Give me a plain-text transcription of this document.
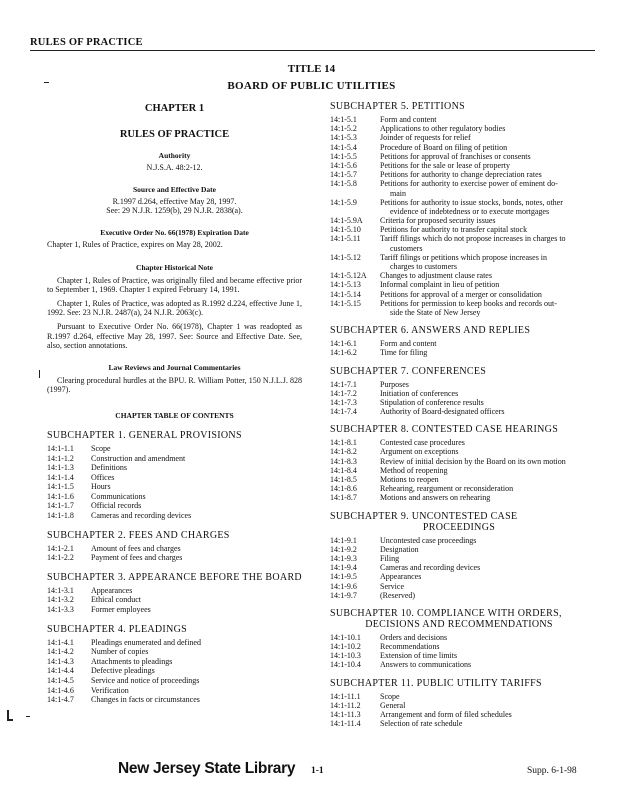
RULES OF PRACTICE
TITLE 14
BOARD OF PUBLIC UTILITIES
CHAPTER 1
RULES OF PRACTICE
Authority
N.J.S.A. 48:2-12.
Source and Effective Date
R.1997 d.264, effective May 28, 1997.
See: 29 N.J.R. 1259(b), 29 N.J.R. 2838(a).
Executive Order No. 66(1978) Expiration Date
Chapter 1, Rules of Practice, expires on May 28, 2002.
Chapter Historical Note

Chapter 1, Rules of Practice, was originally filed and became effective prior to September 1, 1969. Chapter 1 expired February 14, 1991.

Chapter 1, Rules of Practice, was adopted as R.1992 d.224, effective June 1, 1992. See: 23 N.J.R. 2487(a), 24 N.J.R. 2063(c).

Pursuant to Executive Order No. 66(1978), Chapter 1 was readopted as R.1997 d.264, effective May 28, 1997. See: Source and Effective Date. See, also, section annotations.

Law Reviews and Journal Commentaries

Clearing procedural hurdles at the BPU. R. William Potter, 150 N.J.L.J. 828 (1997).

CHAPTER TABLE OF CONTENTS
SUBCHAPTER 1. GENERAL PROVISIONS
14:1-1.1	Scope
14:1-1.2	Construction and amendment
14:1-1.3	Definitions
14:1-1.4	Offices
14:1-1.5	Hours
14:1-1.6	Communications
14:1-1.7	Official records
14:1-1.8	Cameras and recording devices
SUBCHAPTER 2. FEES AND CHARGES
14:1-2.1	Amount of fees and charges
14:1-2.2	Payment of fees and charges
SUBCHAPTER 3. APPEARANCE BEFORE THE BOARD
14:1-3.1	Appearances
14:1-3.2	Ethical conduct
14:1-3.3	Former employees
SUBCHAPTER 4. PLEADINGS
14:1-4.1	Pleadings enumerated and defined
14:1-4.2	Number of copies
14:1-4.3	Attachments to pleadings
14:1-4.4	Defective pleadings
14:1-4.5	Service and notice of proceedings
14:1-4.6	Verification
14:1-4.7	Changes in facts or circumstances
SUBCHAPTER 5. PETITIONS
14:1-5.1	Form and content
14:1-5.2	Applications to other regulatory bodies
14:1-5.3	Joinder of requests for relief
14:1-5.4	Procedure of Board on filing of petition
14:1-5.5	Petitions for approval of franchises or consents
14:1-5.6	Petitions for the sale or lease of property
14:1-5.7	Petitions for authority to change depreciation rates
14:1-5.8	Petitions for authority to exercise power of eminent do-
main
14:1-5.9	Petitions for authority to issue stocks, bonds, notes, other
evidence of indebtedness or to execute mortgages
14:1-5.9A	Criteria for proposed security issues
14:1-5.10	Petitions for authority to transfer capital stock
14:1-5.11	Tariff filings which do not propose increases in charges to
customers
14:1-5.12	Tariff filings or petitions which propose increases in
charges to customers
14:1-5.12A	Changes to adjustment clause rates
14:1-5.13	Informal complaint in lieu of petition
14:1-5.14	Petitions for approval of a merger or consolidation
14:1-5.15	Petitions for permission to keep books and records out-
side the State of New Jersey
SUBCHAPTER 6. ANSWERS AND REPLIES
14:1-6.1	Form and content
14:1-6.2	Time for filing
SUBCHAPTER 7. CONFERENCES
14:1-7.1	Purposes
14:1-7.2	Initiation of conferences
14:1-7.3	Stipulation of conference results
14:1-7.4	Authority of Board-designated officers
SUBCHAPTER 8. CONTESTED CASE HEARINGS
14:1-8.1	Contested case procedures
14:1-8.2	Argument on exceptions
14:1-8.3	Review of initial decision by the Board on its own motion
14:1-8.4	Method of reopening
14:1-8.5	Motions to reopen
14:1-8.6	Rehearing, reargument or reconsideration
14:1-8.7	Motions and answers on rehearing
SUBCHAPTER 9. UNCONTESTED CASE
PROCEEDINGS
14:1-9.1	Uncontested case proceedings
14:1-9.2	Designation
14:1-9.3	Filing
14:1-9.4	Cameras and recording devices
14:1-9.5	Appearances
14:1-9.6	Service
14:1-9.7	(Reserved)
SUBCHAPTER 10. COMPLIANCE WITH ORDERS,
DECISIONS AND RECOMMENDATIONS
14:1-10.1	Orders and decisions
14:1-10.2	Recommendations
14:1-10.3	Extension of time limits
14:1-10.4	Answers to communications
SUBCHAPTER 11. PUBLIC UTILITY TARIFFS
14:1-11.1	Scope
14:1-11.2	General
14:1-11.3	Arrangement and form of filed schedules
14:1-11.4	Selection of rate schedule
New Jersey State Library 1-1	Supp. 6-1-98
